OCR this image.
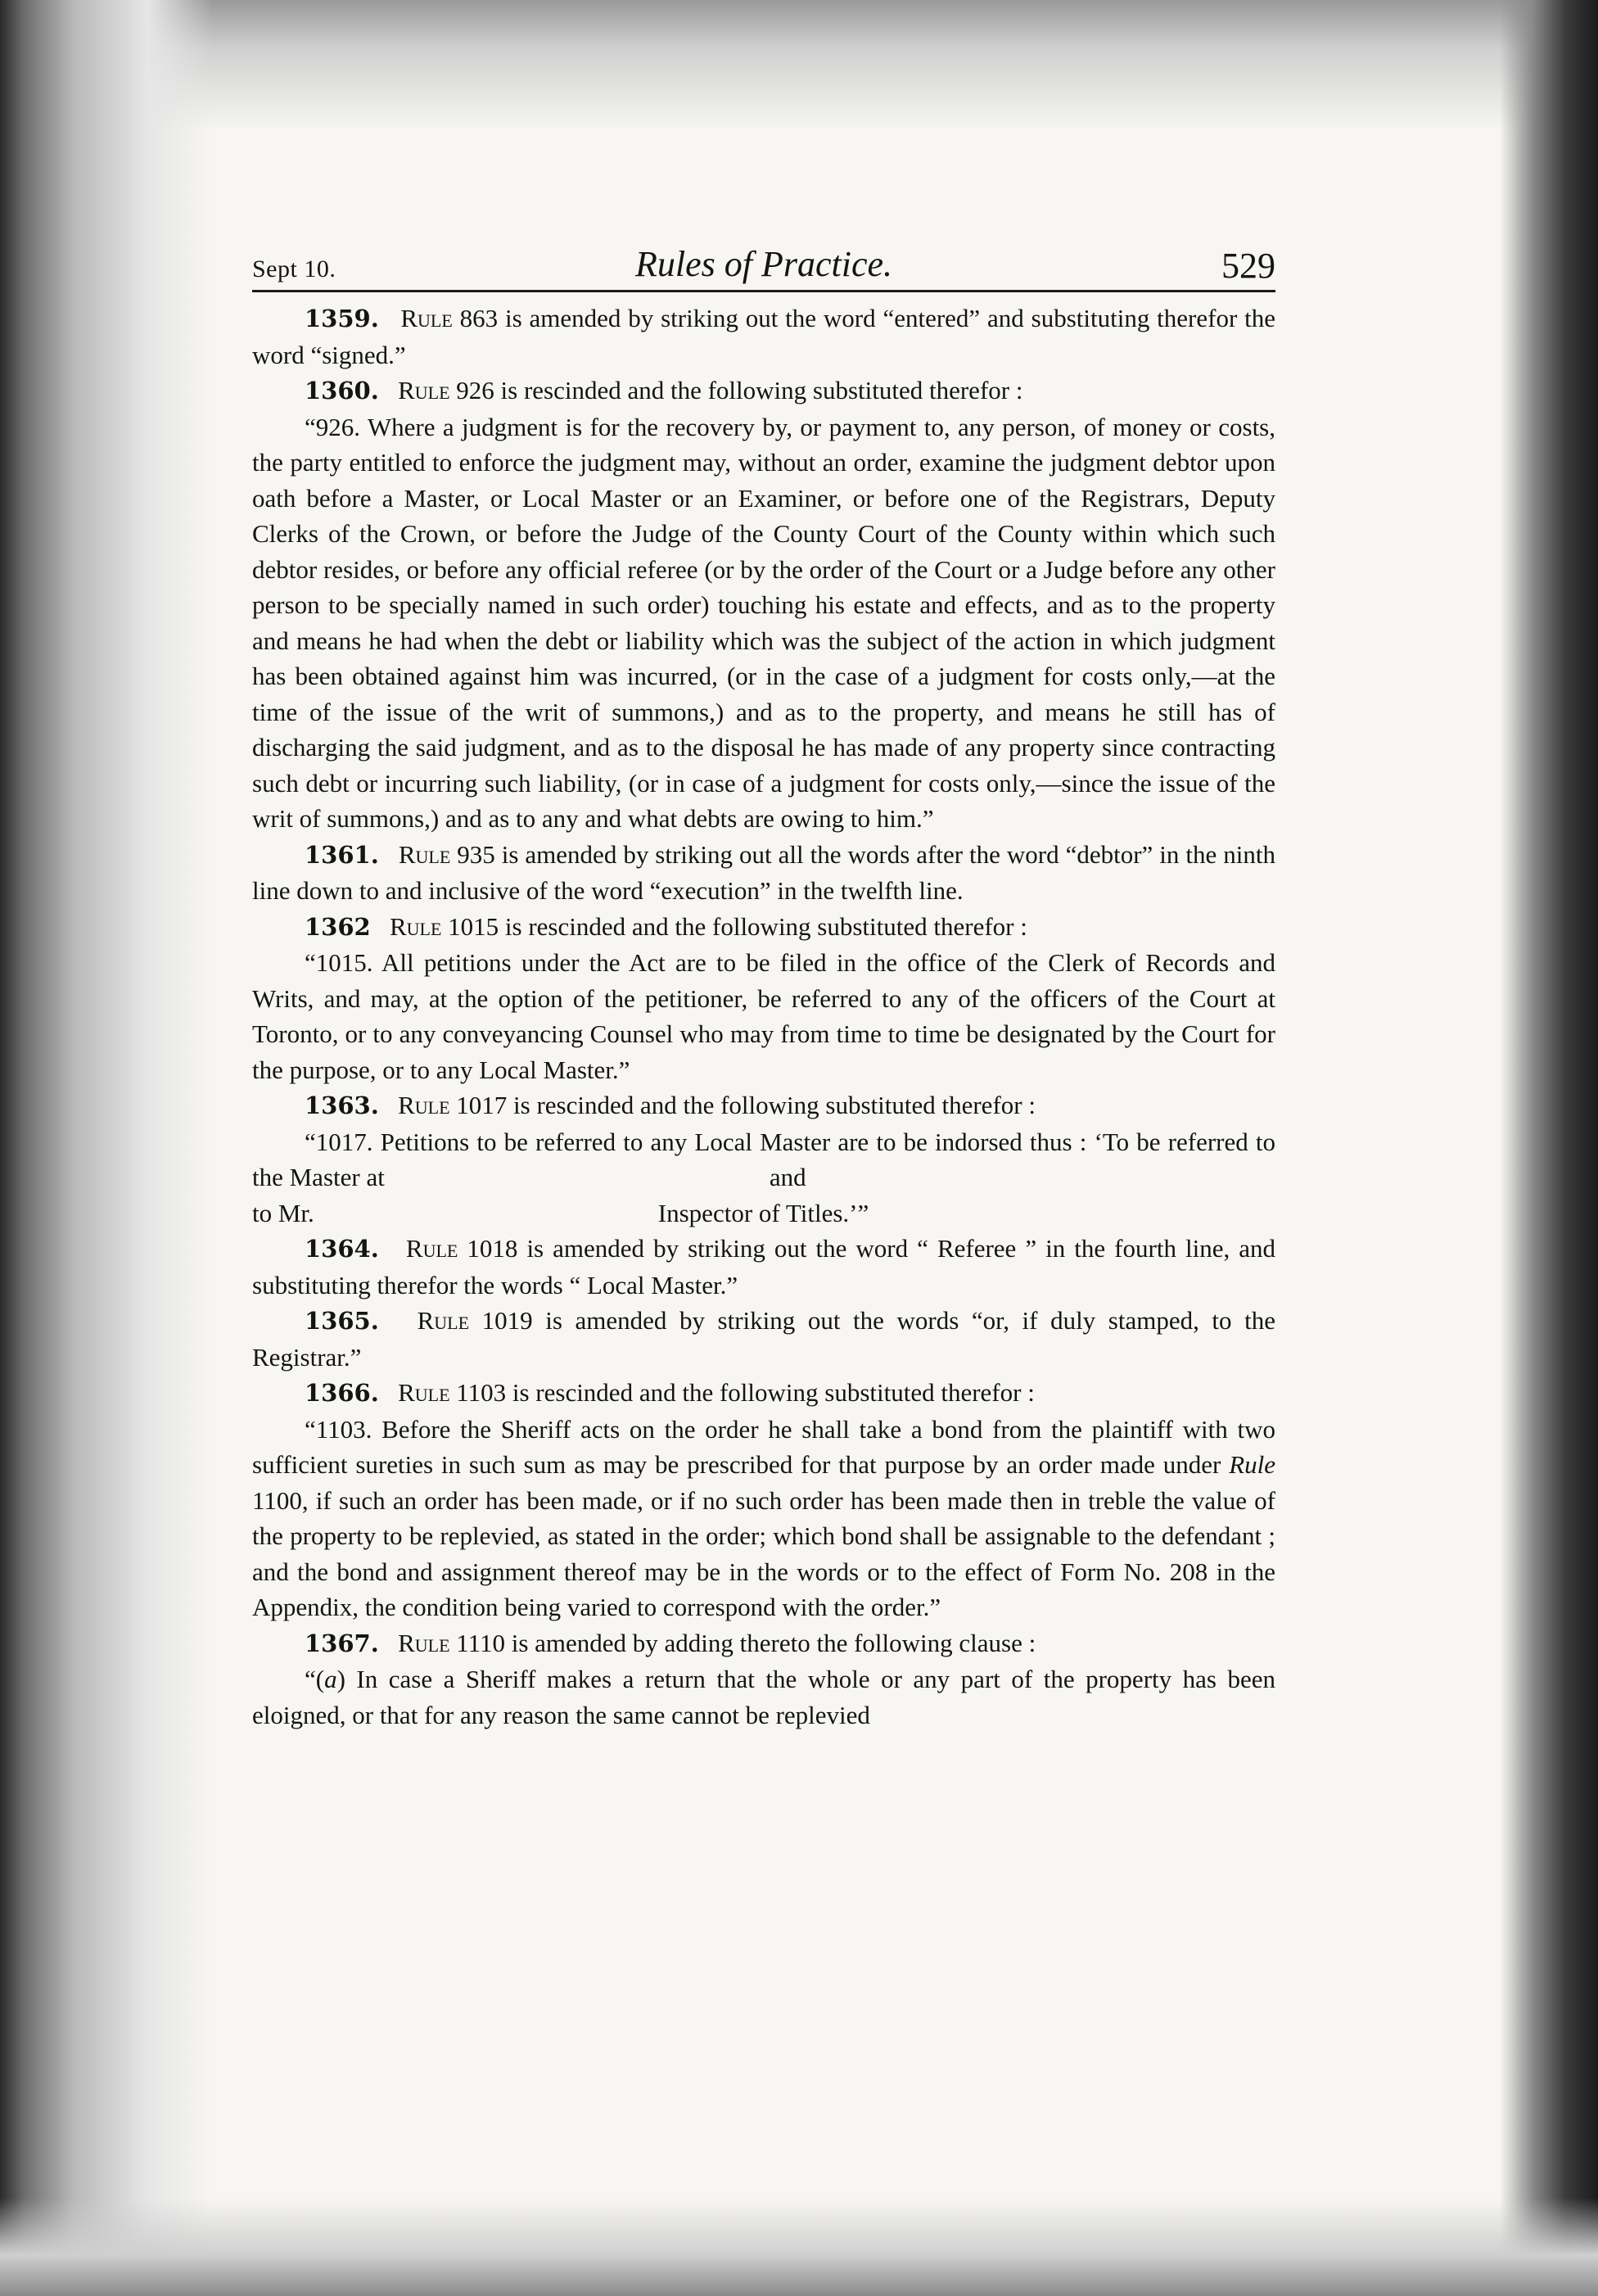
Sept 10.	Rules of Practice.	529

1359. Rule 863 is amended by striking out the word “entered” and substituting therefor the word “signed.”

1360. Rule 926 is rescinded and the following substituted therefor :

“926. Where a judgment is for the recovery by, or payment to, any person, of money or costs, the party entitled to enforce the judgment may, without an order, examine the judgment debtor upon oath before a Master, or Local Master or an Examiner, or before one of the Registrars, Deputy Clerks of the Crown, or before the Judge of the County Court of the County within which such debtor resides, or before any official referee (or by the order of the Court or a Judge before any other person to be specially named in such order) touching his estate and effects, and as to the property and means he had when the debt or liability which was the subject of the action in which judgment has been obtained against him was incurred, (or in the case of a judgment for costs only,—at the time of the issue of the writ of summons,) and as to the property, and means he still has of discharging the said judgment, and as to the disposal he has made of any property since contracting such debt or incurring such liability, (or in case of a judgment for costs only,—since the issue of the writ of summons,) and as to any and what debts are owing to him.”

1361. Rule 935 is amended by striking out all the words after the word “debtor” in the ninth line down to and inclusive of the word “execution” in the twelfth line.

1362 Rule 1015 is rescinded and the following substituted therefor :

“1015. All petitions under the Act are to be filed in the office of the Clerk of Records and Writs, and may, at the option of the petitioner, be referred to any of the officers of the Court at Toronto, or to any conveyancing Counsel who may from time to time be designated by the Court for the purpose, or to any Local Master.”

1363. Rule 1017 is rescinded and the following substituted therefor :

“1017. Petitions to be referred to any Local Master are to be indorsed thus : ‘To be referred to the Master at	and

to Mr.	Inspector of Titles.’”

1364. Rule 1018 is amended by striking out the word “ Referee ” in the fourth line, and substituting therefor the words “ Local Master.”

1365. Rule 1019 is amended by striking out the words “or, if duly stamped, to the Registrar.”

1366. Rule 1103 is rescinded and the following substituted therefor :

“1103. Before the Sheriff acts on the order he shall take a bond from the plaintiff with two sufficient sureties in such sum as may be prescribed for that purpose by an order made under Rule 1100, if such an order has been made, or if no such order has been made then in treble the value of the property to be replevied, as stated in the order; which bond shall be assignable to the defendant ; and the bond and assignment thereof may be in the words or to the effect of Form No. 208 in the Appendix, the condition being varied to correspond with the order.”

1367. Rule 1110 is amended by adding thereto the following clause :

“(a) In case a Sheriff makes a return that the whole or any part of the property has been eloigned, or that for any reason the same cannot be replevied
